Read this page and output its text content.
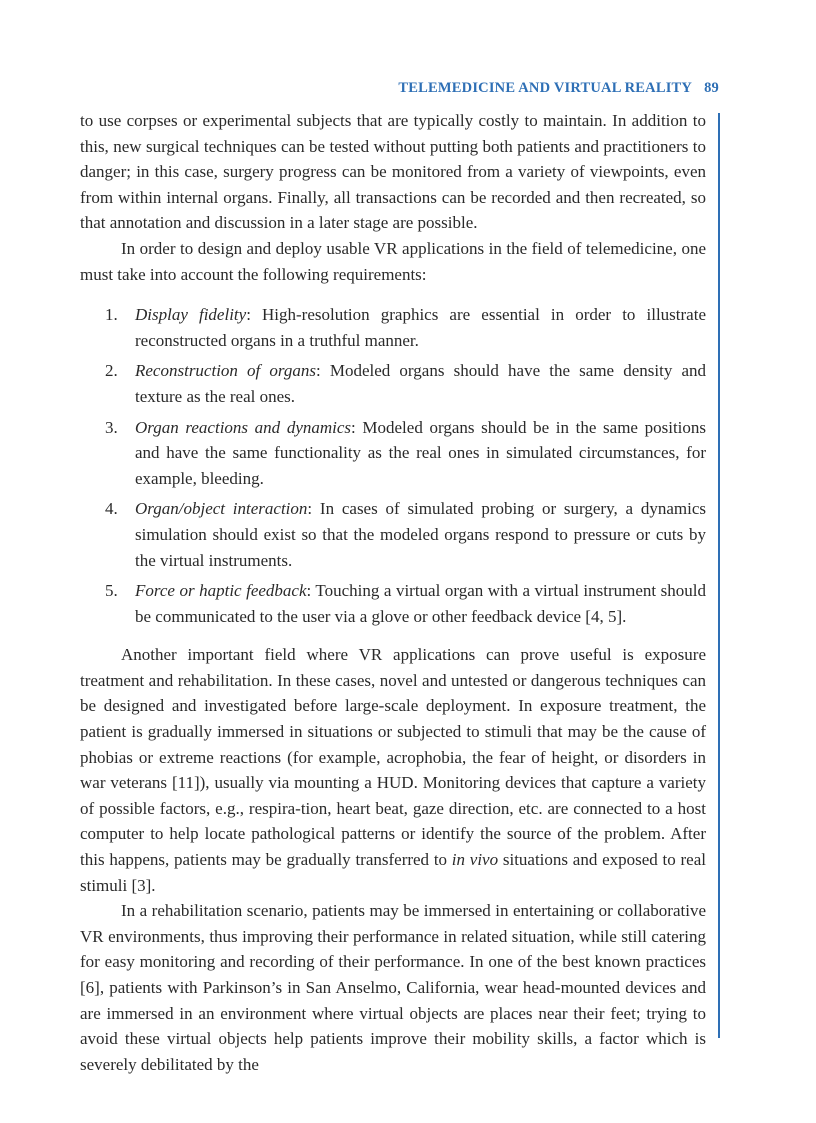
TELEMEDICINE AND VIRTUAL REALITY 89

to use corpses or experimental subjects that are typically costly to maintain. In addition to this, new surgical techniques can be tested without putting both patients and practitioners to danger; in this case, surgery progress can be monitored from a variety of viewpoints, even from within internal organs. Finally, all transactions can be recorded and then recreated, so that annotation and discussion in a later stage are possible.

In order to design and deploy usable VR applications in the field of telemedicine, one must take into account the following requirements:

1. Display fidelity: High-resolution graphics are essential in order to illustrate reconstructed organs in a truthful manner.
2. Reconstruction of organs: Modeled organs should have the same density and texture as the real ones.
3. Organ reactions and dynamics: Modeled organs should be in the same positions and have the same functionality as the real ones in simulated circumstances, for example, bleeding.
4. Organ/object interaction: In cases of simulated probing or surgery, a dynamics simulation should exist so that the modeled organs respond to pressure or cuts by the virtual instruments.
5. Force or haptic feedback: Touching a virtual organ with a virtual instrument should be communicated to the user via a glove or other feedback device [4, 5].

Another important field where VR applications can prove useful is exposure treatment and rehabilitation. In these cases, novel and untested or dangerous techniques can be designed and investigated before large-scale deployment. In exposure treatment, the patient is gradually immersed in situations or subjected to stimuli that may be the cause of phobias or extreme reactions (for example, acrophobia, the fear of height, or disorders in war veterans [11]), usually via mounting a HUD. Monitoring devices that capture a variety of possible factors, e.g., respira-tion, heart beat, gaze direction, etc. are connected to a host computer to help locate pathological patterns or identify the source of the problem. After this happens, patients may be gradually transferred to in vivo situations and exposed to real stimuli [3].

In a rehabilitation scenario, patients may be immersed in entertaining or collaborative VR environments, thus improving their performance in related situation, while still catering for easy monitoring and recording of their performance. In one of the best known practices [6], patients with Parkinson’s in San Anselmo, California, wear head-mounted devices and are immersed in an environment where virtual objects are places near their feet; trying to avoid these virtual objects help patients improve their mobility skills, a factor which is severely debilitated by the
